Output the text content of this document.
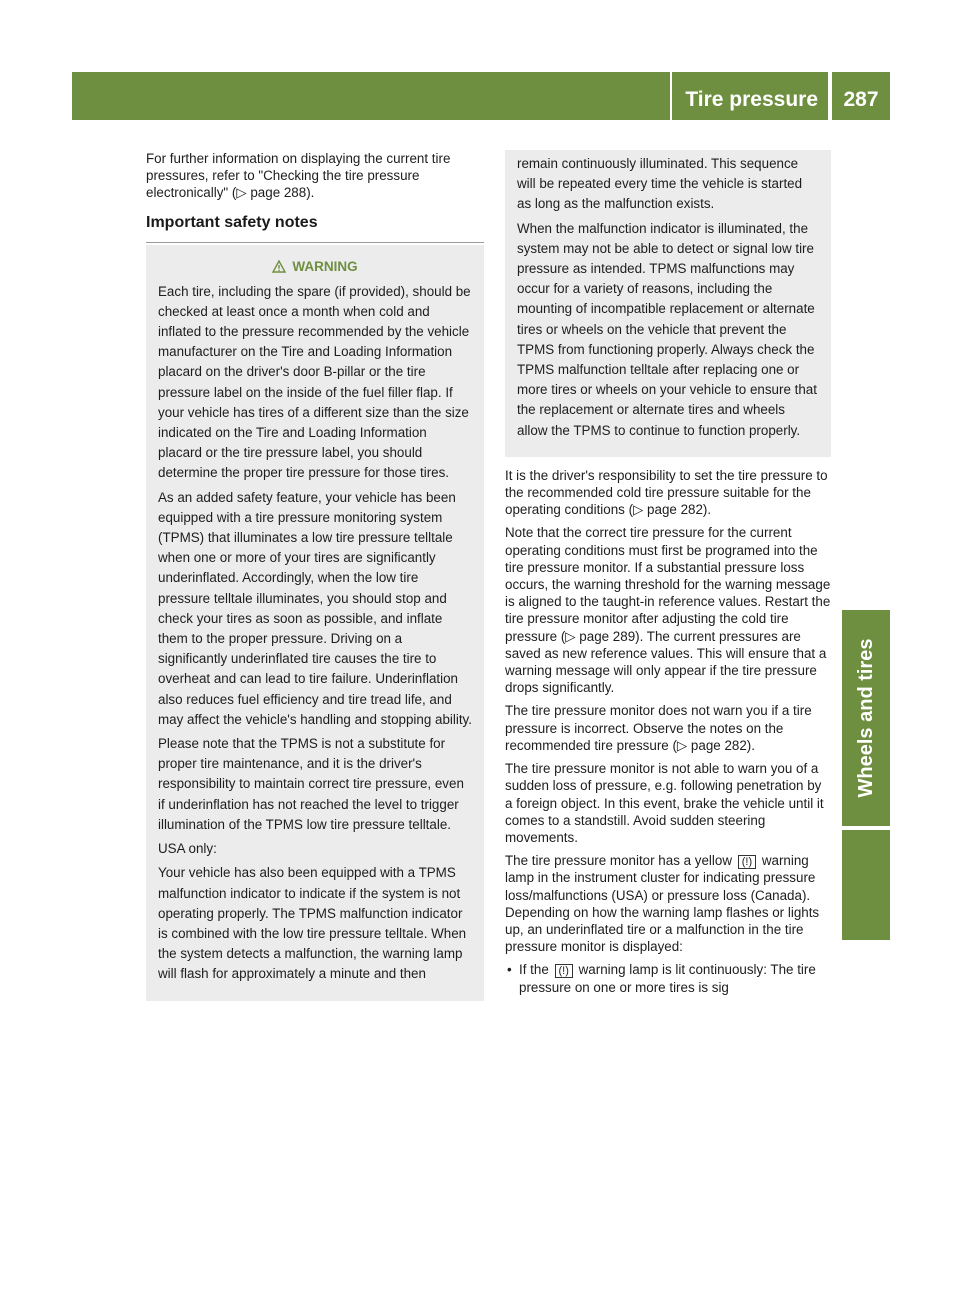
Tire pressure	287
Wheels and tires

For further information on displaying the current tire pressures, refer to "Checking the tire pressure electronically" (▷ page 288).

Important safety notes
WARNING

Each tire, including the spare (if provided), should be checked at least once a month when cold and inflated to the pressure recommended by the vehicle manufacturer on the Tire and Loading Information placard on the driver's door B-pillar or the tire pressure label on the inside of the fuel filler flap. If your vehicle has tires of a different size than the size indicated on the Tire and Loading Information placard or the tire pressure label, you should determine the proper tire pressure for those tires.

As an added safety feature, your vehicle has been equipped with a tire pressure monitoring system (TPMS) that illuminates a low tire pressure telltale when one or more of your tires are significantly underinflated. Accordingly, when the low tire pressure telltale illuminates, you should stop and check your tires as soon as possible, and inflate them to the proper pressure. Driving on a significantly underinflated tire causes the tire to overheat and can lead to tire failure. Underinflation also reduces fuel efficiency and tire tread life, and may affect the vehicle's handling and stopping ability.

Please note that the TPMS is not a substitute for proper tire maintenance, and it is the driver's responsibility to maintain correct tire pressure, even if underinflation has not reached the level to trigger illumination of the TPMS low tire pressure telltale.

USA only:

Your vehicle has also been equipped with a TPMS malfunction indicator to indicate if the system is not operating properly. The TPMS malfunction indicator is combined with the low tire pressure telltale. When the system detects a malfunction, the warning lamp will flash for approximately a minute and then

remain continuously illuminated. This sequence will be repeated every time the vehicle is started as long as the malfunction exists.

When the malfunction indicator is illuminated, the system may not be able to detect or signal low tire pressure as intended. TPMS malfunctions may occur for a variety of reasons, including the mounting of incompatible replacement or alternate tires or wheels on the vehicle that prevent the TPMS from functioning properly. Always check the TPMS malfunction telltale after replacing one or more tires or wheels on your vehicle to ensure that the replacement or alternate tires and wheels allow the TPMS to continue to function properly.

It is the driver's responsibility to set the tire pressure to the recommended cold tire pressure suitable for the operating conditions (▷ page 282).

Note that the correct tire pressure for the current operating conditions must first be programed into the tire pressure monitor. If a substantial pressure loss occurs, the warning threshold for the warning message is aligned to the taught-in reference values. Restart the tire pressure monitor after adjusting the cold tire pressure (▷ page 289). The current pressures are saved as new reference values. This will ensure that a warning message will only appear if the tire pressure drops significantly.

The tire pressure monitor does not warn you if a tire pressure is incorrect. Observe the notes on the recommended tire pressure (▷ page 282).

The tire pressure monitor is not able to warn you of a sudden loss of pressure, e.g. following penetration by a foreign object. In this event, brake the vehicle until it comes to a standstill. Avoid sudden steering movements.

The tire pressure monitor has a yellow (!) warning lamp in the instrument cluster for indicating pressure loss/malfunctions (USA) or pressure loss (Canada). Depending on how the warning lamp flashes or lights up, an underinflated tire or a malfunction in the tire pressure monitor is displayed:

• If the (!) warning lamp is lit continuously: The tire pressure on one or more tires is sig
